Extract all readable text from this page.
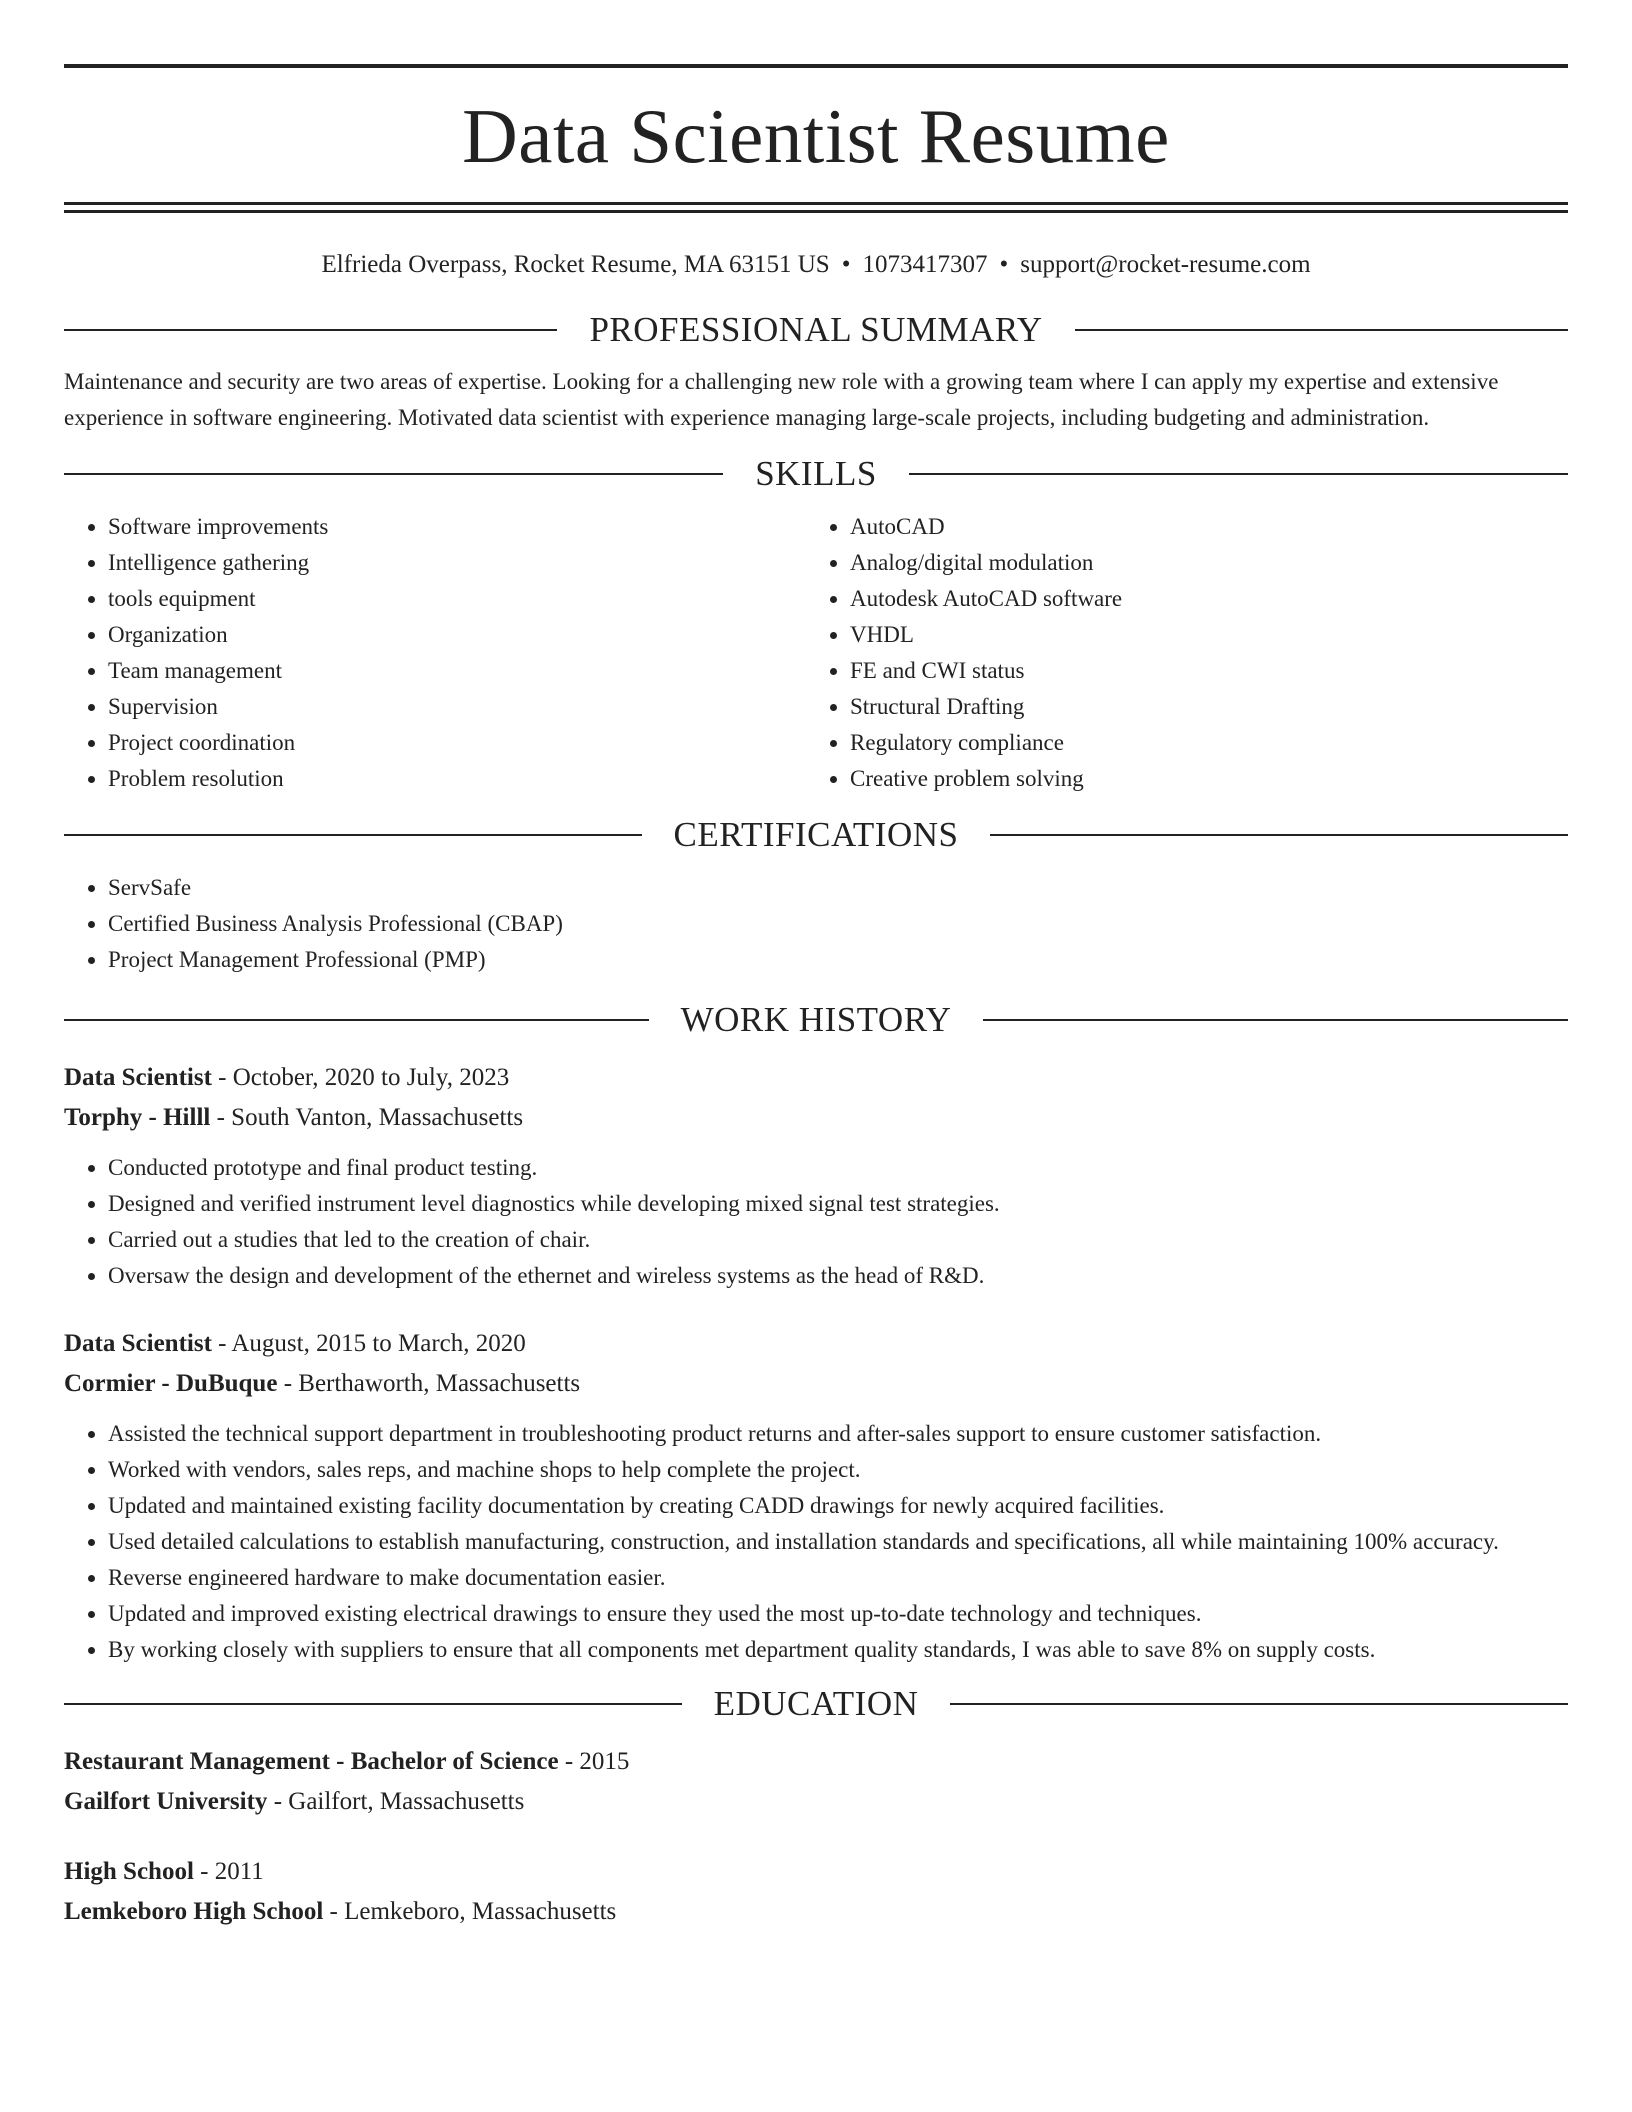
Data Scientist Resume
Elfrieda Overpass, Rocket Resume, MA 63151 US • 1073417307 • support@rocket-resume.com
PROFESSIONAL SUMMARY

Maintenance and security are two areas of expertise. Looking for a challenging new role with a growing team where I can apply my expertise and extensive experience in software engineering. Motivated data scientist with experience managing large-scale projects, including budgeting and administration.

SKILLS
• Software improvements
• Intelligence gathering
• tools equipment
• Organization
• Team management
• Supervision
• Project coordination
• Problem resolution
• AutoCAD
• Analog/digital modulation
• Autodesk AutoCAD software
• VHDL
• FE and CWI status
• Structural Drafting
• Regulatory compliance
• Creative problem solving
CERTIFICATIONS
• ServSafe
• Certified Business Analysis Professional (CBAP)
• Project Management Professional (PMP)
WORK HISTORY
Data Scientist - October, 2020 to July, 2023
Torphy - Hilll - South Vanton, Massachusetts
• Conducted prototype and final product testing.
• Designed and verified instrument level diagnostics while developing mixed signal test strategies.
• Carried out a studies that led to the creation of chair.
• Oversaw the design and development of the ethernet and wireless systems as the head of R&D.
Data Scientist - August, 2015 to March, 2020
Cormier - DuBuque - Berthaworth, Massachusetts
• Assisted the technical support department in troubleshooting product returns and after-sales support to ensure customer satisfaction.
• Worked with vendors, sales reps, and machine shops to help complete the project.
• Updated and maintained existing facility documentation by creating CADD drawings for newly acquired facilities.
• Used detailed calculations to establish manufacturing, construction, and installation standards and specifications, all while maintaining 100% accuracy.
• Reverse engineered hardware to make documentation easier.
• Updated and improved existing electrical drawings to ensure they used the most up-to-date technology and techniques.
• By working closely with suppliers to ensure that all components met department quality standards, I was able to save 8% on supply costs.
EDUCATION
Restaurant Management - Bachelor of Science - 2015
Gailfort University - Gailfort, Massachusetts
High School - 2011
Lemkeboro High School - Lemkeboro, Massachusetts
